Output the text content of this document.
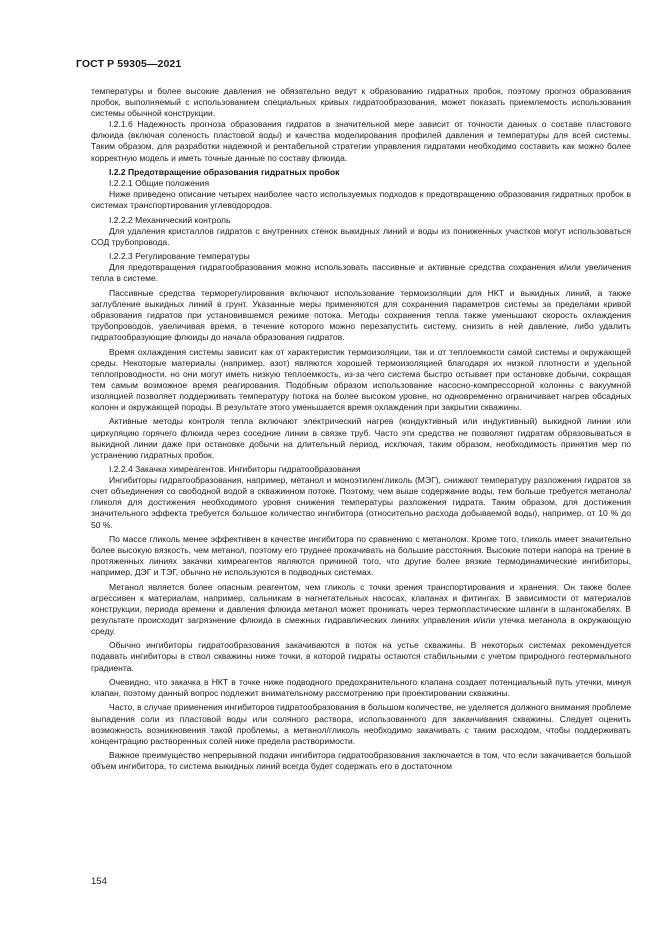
ГОСТ Р 59305—2021

температуры и более высокие давления не обязательно ведут к образованию гидратных пробок, поэтому прогноз образования пробок, выполняемый с использованием специальных кривых гидратообразования, может показать приемлемость использования системы обычной конструкции.

I.2.1.6 Надежность прогноза образования гидратов в значительной мере зависит от точности данных о составе пластового флюида (включая соленость пластовой воды) и качества моделирования профилей давления и температуры для всей системы. Таким образом, для разработки надежной и рентабельной стратегии управления гидратами необходимо составить как можно более корректную модель и иметь точные данные по составу флюида.

I.2.2 Предотвращение образования гидратных пробок

I.2.2.1 Общие положения

Ниже приведено описание четырех наиболее часто используемых подходов к предотвращению образования гидратных пробок в системах транспортирования углеводородов.

I.2.2.2 Механический контроль

Для удаления кристаллов гидратов с внутренних стенок выкидных линий и воды из пониженных участков могут использоваться СОД трубопровода.

I.2.2.3 Регулирование температуры

Для предотвращения гидратообразования можно использовать пассивные и активные средства сохранения и/или увеличения тепла в системе.

Пассивные средства терморегулирования включают использование термоизоляции для НКТ и выкидных линий, а также заглубление выкидных линий в грунт. Указанные меры применяются для сохранения параметров системы за пределами кривой образования гидратов при установившемся режиме потока. Методы сохранения тепла также уменьшают скорость охлаждения трубопроводов, увеличивая время, в течение которого можно перезапустить систему, снизить в ней давление, либо удалить гидратообразующие флюиды до начала образования гидратов.

Время охлаждения системы зависит как от характеристик термоизоляции, так и от теплоемкости самой системы и окружающей среды. Некоторые материалы (например, азот) являются хорошей термоизоляцией благодаря их низкой плотности и удельной теплопроводности, но они могут иметь низкую теплоемкость, из-за чего система быстро остывает при остановке добычи, сокращая тем самым возможное время реагирования. Подобным образом использование насосно-компрессорной колонны с вакуумной изоляцией позволяет поддерживать температуру потока на более высоком уровне, но одновременно ограничивает нагрев обсадных колонн и окружающей породы. В результате этого уменьшается время охлаждения при закрытии скважины.

Активные методы контроля тепла включают электрический нагрев (кондуктивный или индуктивный) выкидной линии или циркуляцию горячего флюида через соседние линии в связке труб. Часто эти средства не позволяют гидратам образовываться в выкидной линии даже при остановке добычи на длительный период, исключая, таким образом, необходимость принятия мер по устранению гидратных пробок.

I.2.2.4 Закачка химреагентов. Ингибиторы гидратообразования

Ингибиторы гидратообразования, например, метанол и моноэтиленгликоль (МЭГ), снижают температуру разложения гидратов за счет объединения со свободной водой в скважинном потоке. Поэтому, чем выше содержание воды, тем больше требуется метанола/гликоля для достижения необходимого уровня снижения температуры разложения гидрата. Таким образом, для достижения значительного эффекта требуется большое количество ингибитора (относительно расхода добываемой воды), например, от 10 % до 50 %.

По массе гликоль менее эффективен в качестве ингибитора по сравнению с метанолом. Кроме того, гликоль имеет значительно более высокую вязкость, чем метанол, поэтому его труднее прокачивать на большие расстояния. Высокие потери напора на трение в протяженных линиях закачки химреагентов являются причиной того, что другие более вязкие термодинамические ингибиторы, например, ДЭГ и ТЭГ, обычно не используются в подводных системах.

Метанол является более опасным реагентом, чем гликоль с точки зрения транспортирования и хранения. Он также более агрессивен к материалам, например, сальникам в нагнетательных насосах, клапанах и фитингах. В зависимости от материалов конструкции, периода времени и давления флюида метанол может проникать через термопластические шланги в шлангокабелях. В результате происходит загрязнение флюида в смежных гидравлических линиях управления и/или утечка метанола в окружающую среду.

Обычно ингибиторы гидратообразования закачиваются в поток на устье скважины. В некоторых системах рекомендуется подавать ингибиторы в ствол скважины ниже точки, в которой гидраты остаются стабильными с учетом природного геотермального градиента.

Очевидно, что закачка в НКТ в точке ниже подводного предохранительного клапана создает потенциальный путь утечки, минуя клапан, поэтому данный вопрос подлежит внимательному рассмотрению при проектировании скважины.

Часто, в случае применения ингибиторов гидратообразования в большом количестве, не уделяется должного внимания проблеме выпадения соли из пластовой воды или соляного раствора, использованного для заканчивания скважины. Следует оценить возможность возникновения такой проблемы, а метанол/гликоль необходимо закачивать с таким расходом, чтобы поддерживать концентрацию растворенных солей ниже предела растворимости.

Важное преимущество непрерывной подачи ингибитора гидратообразования заключается в том, что если закачивается большой объем ингибитора, то система выкидных линий всегда будет содержать его в достаточном

154
